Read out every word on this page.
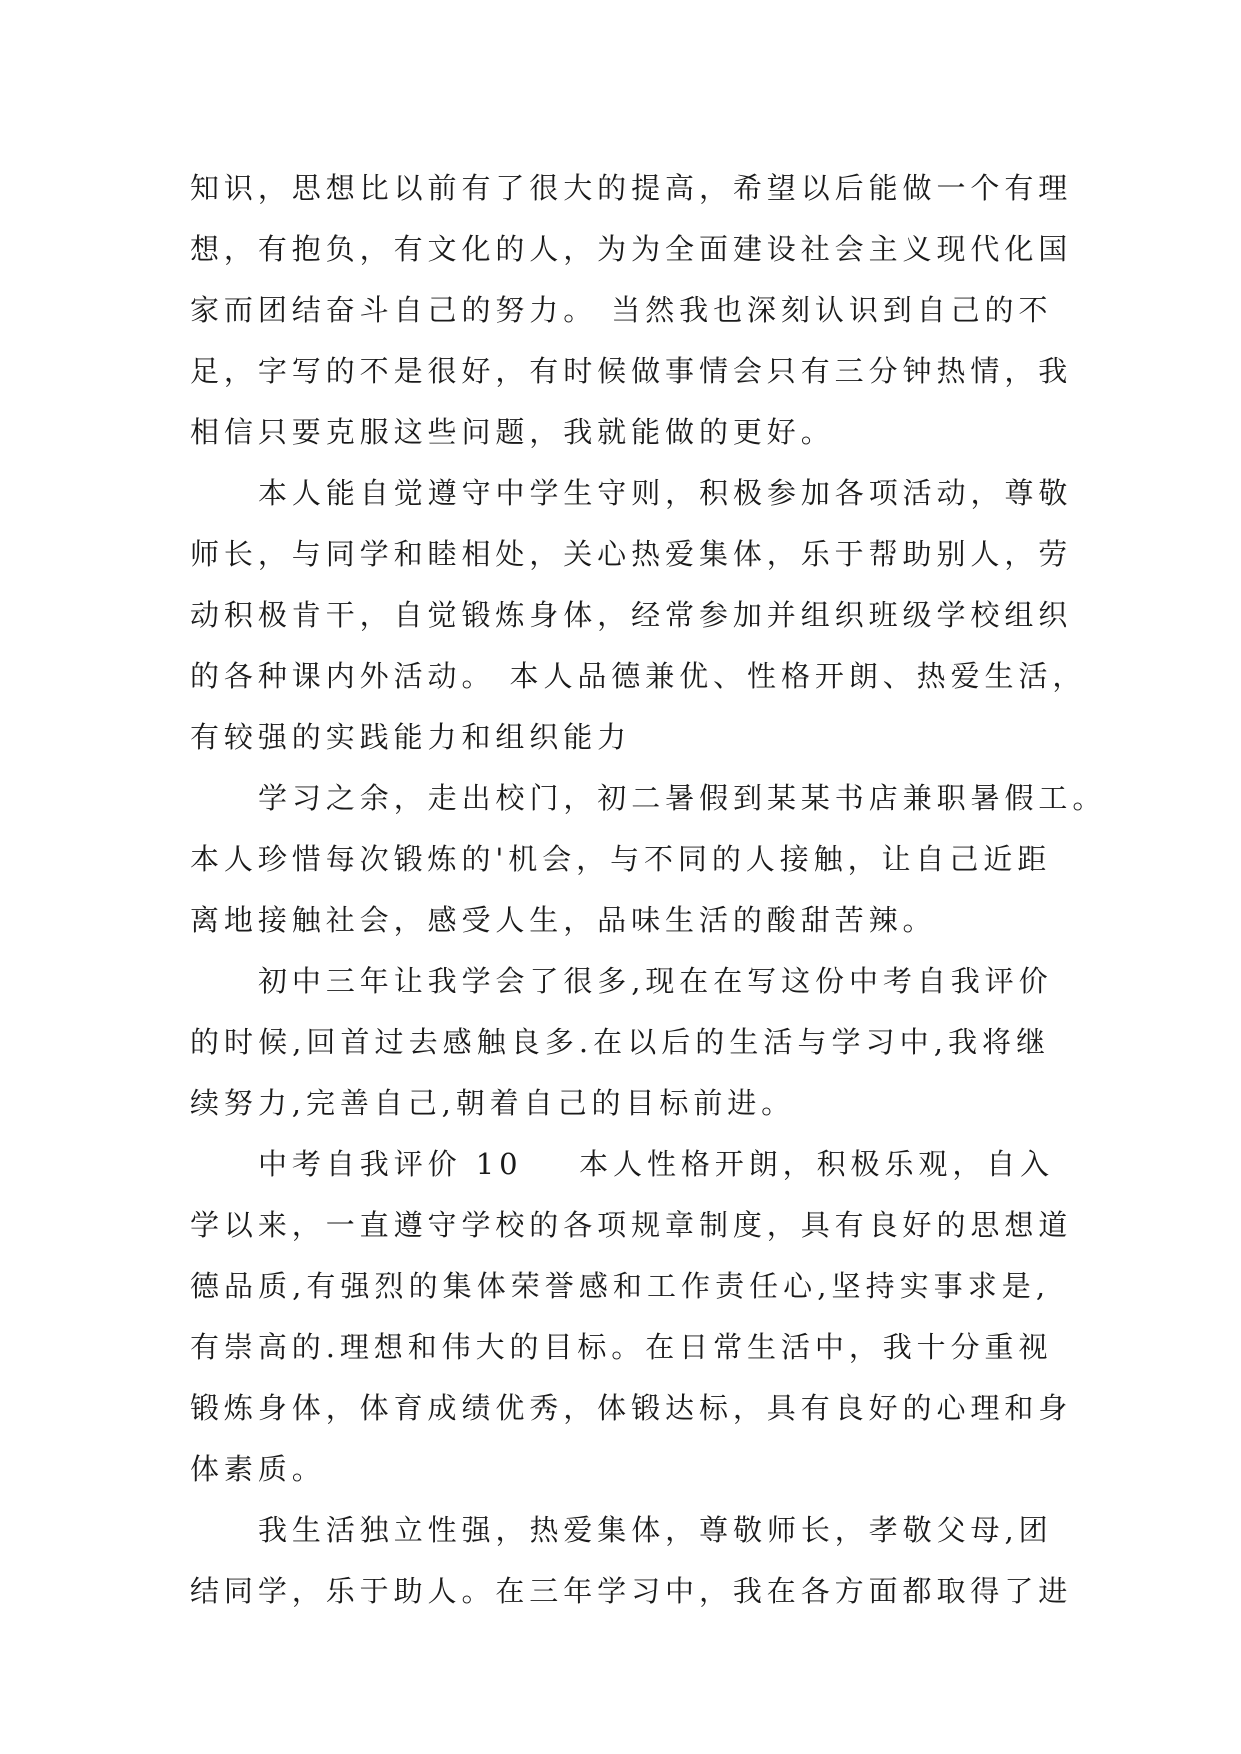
知识，思想比以前有了很大的提高，希望以后能做一个有理
想，有抱负，有文化的人，为为全面建设社会主义现代化国
家而团结奋斗自己的努力。 当然我也深刻认识到自己的不
足，字写的不是很好，有时候做事情会只有三分钟热情，我
相信只要克服这些问题，我就能做的更好。
本人能自觉遵守中学生守则，积极参加各项活动，尊敬
师长，与同学和睦相处，关心热爱集体，乐于帮助别人，劳
动积极肯干，自觉锻炼身体，经常参加并组织班级学校组织
的各种课内外活动。 本人品德兼优、性格开朗、热爱生活，
有较强的实践能力和组织能力
学习之余，走出校门，初二暑假到某某书店兼职暑假工。
本人珍惜每次锻炼的'机会，与不同的人接触，让自己近距
离地接触社会，感受人生，品味生活的酸甜苦辣。
初中三年让我学会了很多,现在在写这份中考自我评价
的时候,回首过去感触良多.在以后的生活与学习中,我将继
续努力,完善自己,朝着自己的目标前进。
中考自我评价 10    本人性格开朗，积极乐观，自入
学以来，一直遵守学校的各项规章制度，具有良好的思想道
德品质,有强烈的集体荣誉感和工作责任心,坚持实事求是,
有崇高的.理想和伟大的目标。在日常生活中，我十分重视
锻炼身体，体育成绩优秀，体锻达标，具有良好的心理和身
体素质。
我生活独立性强，热爱集体，尊敬师长，孝敬父母,团
结同学，乐于助人。在三年学习中，我在各方面都取得了进
